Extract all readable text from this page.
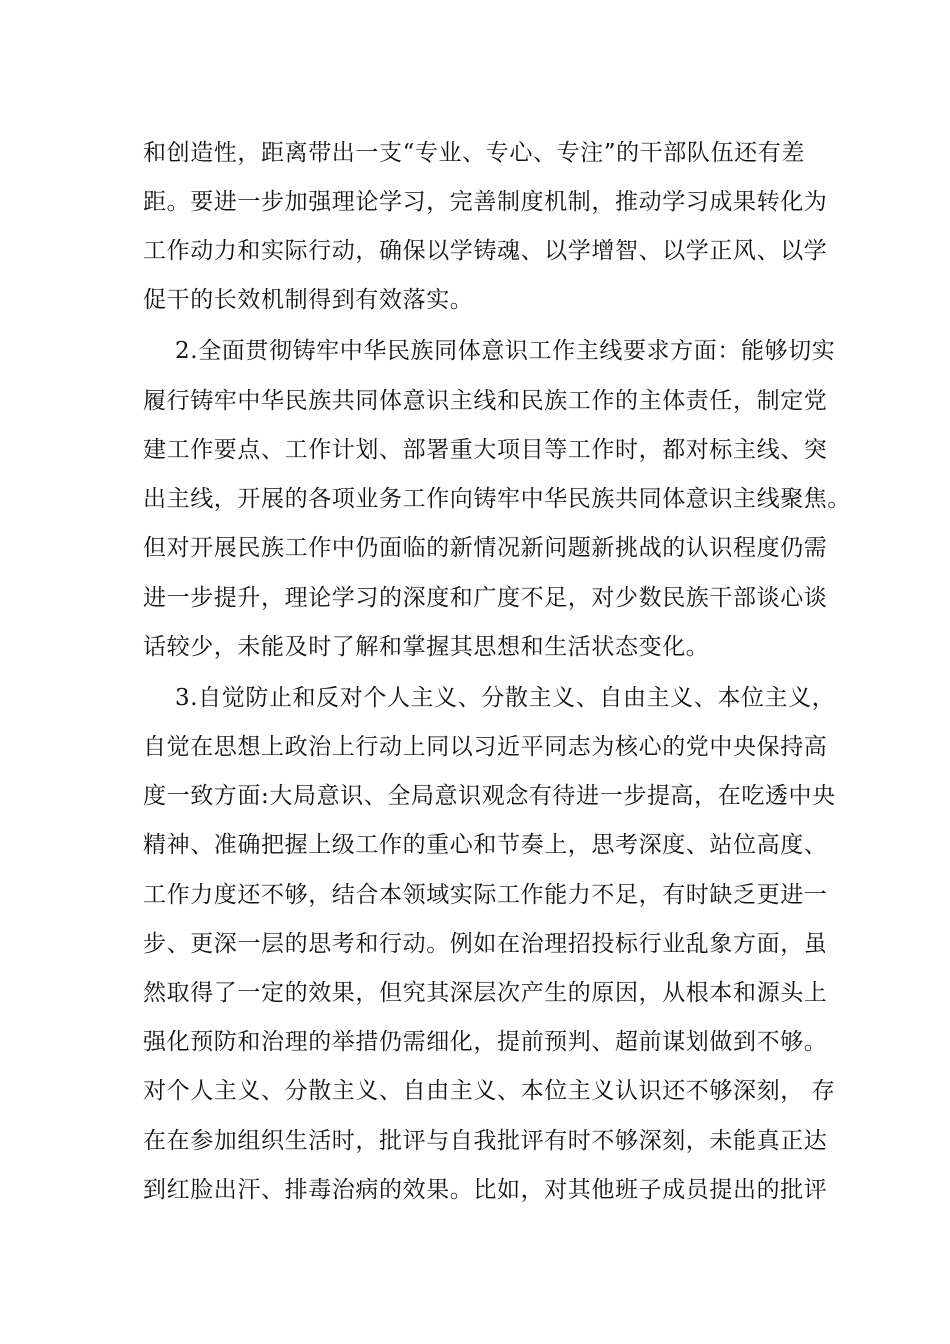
和创造性，距离带出一支“专业、专心、专注”的干部队伍还有差
距。要进一步加强理论学习，完善制度机制，推动学习成果转化为
工作动力和实际行动，确保以学铸魂、以学增智、以学正风、以学
促干的长效机制得到有效落实。
2.全面贯彻铸牢中华民族同体意识工作主线要求方面：能够切实
履行铸牢中华民族共同体意识主线和民族工作的主体责任，制定党
建工作要点、工作计划、部署重大项目等工作时，都对标主线、突
出主线，开展的各项业务工作向铸牢中华民族共同体意识主线聚焦。
但对开展民族工作中仍面临的新情况新问题新挑战的认识程度仍需
进一步提升，理论学习的深度和广度不足，对少数民族干部谈心谈
话较少，未能及时了解和掌握其思想和生活状态变化。
3.自觉防止和反对个人主义、分散主义、自由主义、本位主义，
自觉在思想上政治上行动上同以习近平同志为核心的党中央保持高
度一致方面:大局意识、全局意识观念有待进一步提高，在吃透中央
精神、准确把握上级工作的重心和节奏上，思考深度、站位高度、
工作力度还不够，结合本领域实际工作能力不足，有时缺乏更进一
步、更深一层的思考和行动。例如在治理招投标行业乱象方面，虽
然取得了一定的效果，但究其深层次产生的原因，从根本和源头上
强化预防和治理的举措仍需细化，提前预判、超前谋划做到不够。
对个人主义、分散主义、自由主义、本位主义认识还不够深刻， 存
在在参加组织生活时，批评与自我批评有时不够深刻，未能真正达
到红脸出汗、排毒治病的效果。比如，对其他班子成员提出的批评
